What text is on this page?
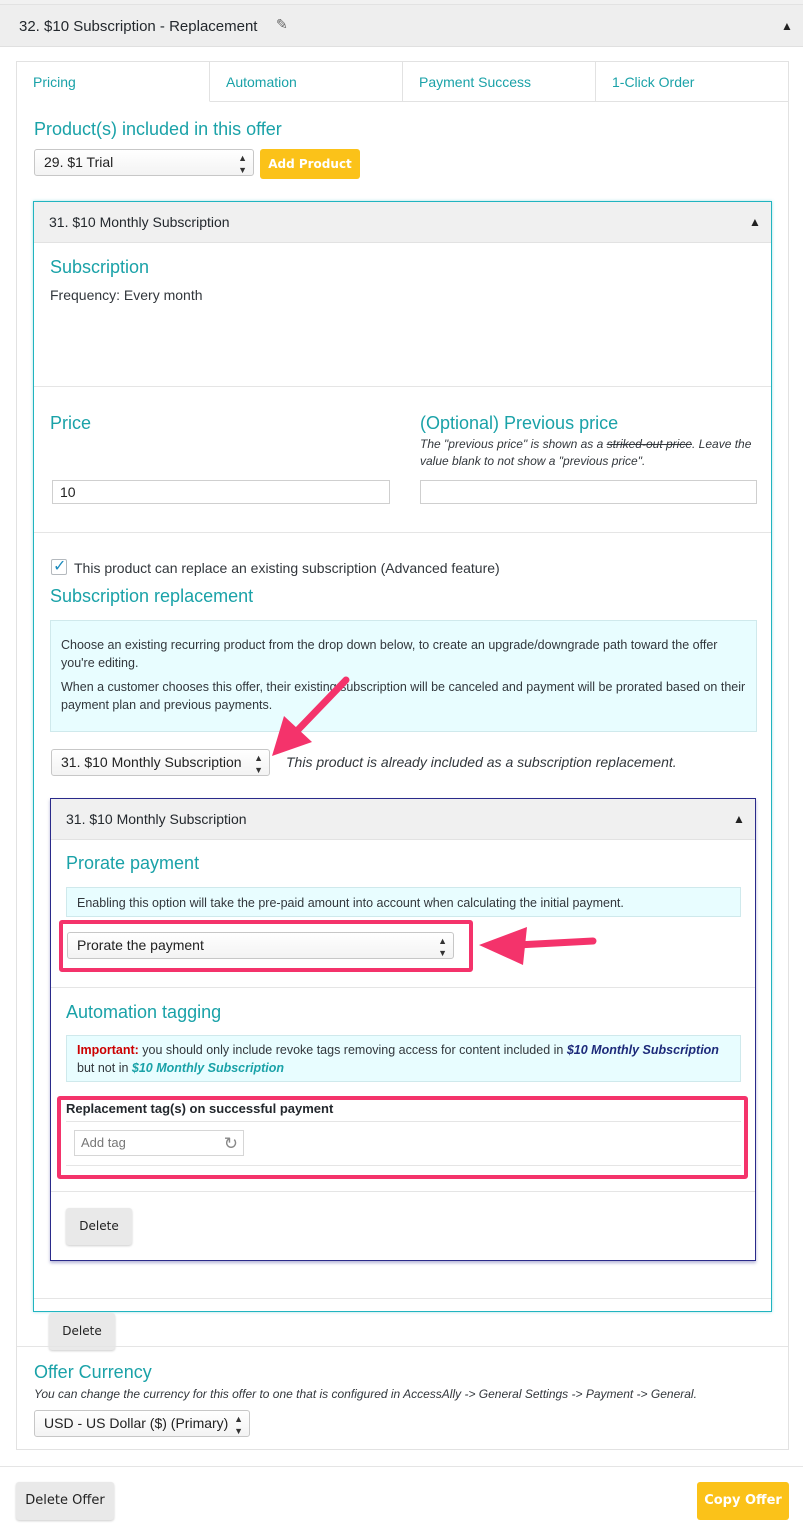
32. $10 Subscription - Replacement ✎	▲
Pricing	Automation	Payment Success	1-Click Order
Product(s) included in this offer
29. $1 Trial	▲
▼	Add Product
31. $10 Monthly Subscription	▲
Subscription
Frequency: Every month
Price	(Optional) Previous price
The "previous price" is shown as a striked-out price. Leave the value blank to not show a "previous price".
10
✓ This product can replace an existing subscription (Advanced feature)
Subscription replacement
Choose an existing recurring product from the drop down below, to create an upgrade/downgrade path toward the offer you're editing.
When a customer chooses this offer, their existing subscription will be canceled and payment will be prorated based on their payment plan and previous payments.
31. $10 Monthly Subscription ▲
▼ This product is already included as a subscription replacement.
31. $10 Monthly Subscription	▲
Prorate payment
Enabling this option will take the pre-paid amount into account when calculating the initial payment.
Prorate the payment	▲
▼
Automation tagging
Important: you should only include revoke tags removing access for content included in $10 Monthly Subscription but not in $10 Monthly Subscription
Replacement tag(s) on successful payment
Add tag	↻
Delete
Delete
Offer Currency
You can change the currency for this offer to one that is configured in AccessAlly -> General Settings -> Payment -> General.
USD - US Dollar ($) (Primary) ▲
▼
Delete Offer	Copy Offer
